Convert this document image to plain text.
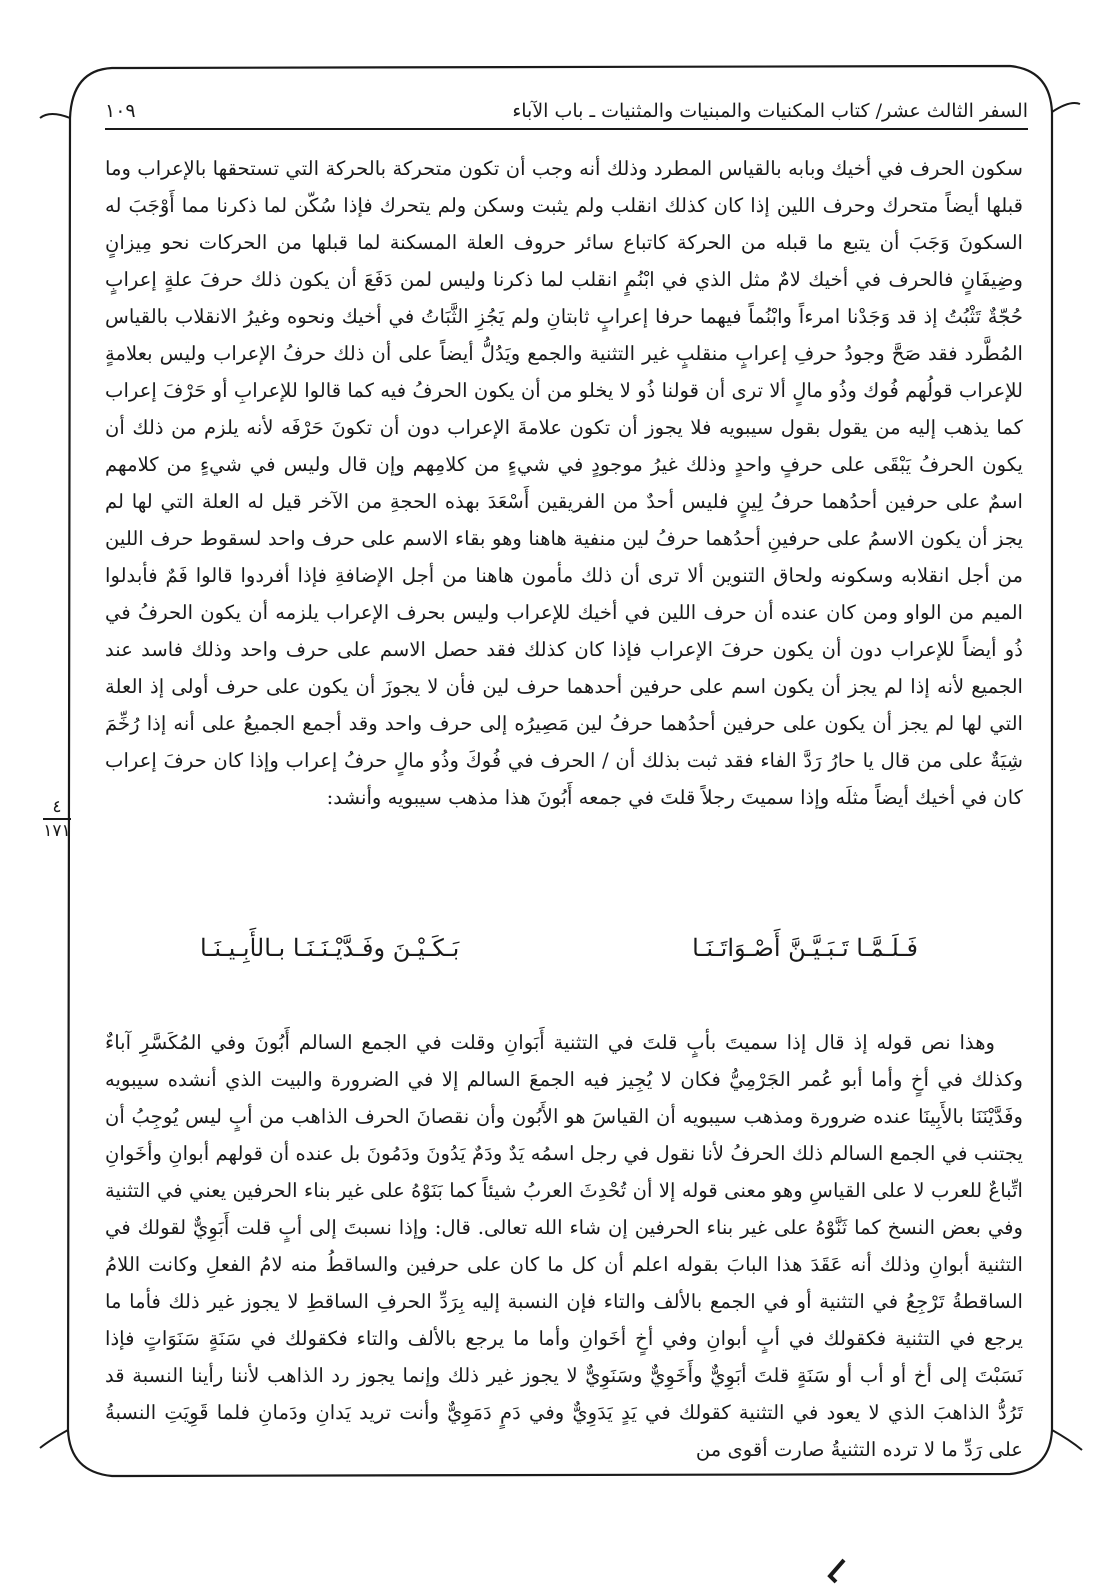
السفر الثالث عشر/ كتاب المكنيات والمبنيات والمثنيات ـ باب الآباء
١٠٩

سكون الحرف في أخيك وبابه بالقياس المطرد وذلك أنه وجب أن تكون متحركة بالحركة التي تستحقها بالإعراب وما قبلها أيضاً متحرك وحرف اللين إذا كان كذلك انقلب ولم يثبت وسكن ولم يتحرك فإذا سُكّن لما ذكرنا مما أَوْجَبَ له السكونَ وَجَبَ أن يتبع ما قبله من الحركة كاتباع سائر حروف العلة المسكنة لما قبلها من الحركات نحو مِيزانٍ وضِيفَانٍ فالحرف في أخيك لامٌ مثل الذي في ابْنُمٍ انقلب لما ذكرنا وليس لمن دَفَعَ أن يكون ذلك حرفَ علةٍ إعرابٍ حُجّةٌ تَثْبُتُ إذ قد وَجَدْنا امرءاً وابْنُماً فيهما حرفا إعرابٍ ثابتانِ ولم يَجُزِ الثَّبَاتُ في أخيك ونحوه وغيرُ الانقلاب بالقياس المُطَّرد فقد صَحَّ وجودُ حرفِ إعرابٍ منقلبٍ غير التثنية والجمع ويَدُلُّ أيضاً على أن ذلك حرفُ الإعراب وليس بعلامةٍ للإعراب قولُهم فُوك وذُو مالٍ ألا ترى أن قولنا ذُو لا يخلو من أن يكون الحرفُ فيه كما قالوا للإعرابِ أو حَرْفَ إعراب كما يذهب إليه من يقول بقول سيبويه فلا يجوز أن تكون علامةَ الإعراب دون أن تكونَ حَرْفَه لأنه يلزم من ذلك أن يكون الحرفُ يَبْقَى على حرفٍ واحدٍ وذلك غيرُ موجودٍ في شيءٍ من كلامِهم وإن قال وليس في شيءٍ من كلامهم اسمٌ على حرفين أحدُهما حرفُ لِينٍ فليس أحدٌ من الفريقين أَسْعَدَ بهذه الحجةِ من الآخر قيل له العلة التي لها لم يجز أن يكون الاسمُ على حرفينِ أحدُهما حرفُ لين منفية هاهنا وهو بقاء الاسم على حرف واحد لسقوط حرف اللين من أجل انقلابه وسكونه ولحاق التنوين ألا ترى أن ذلك مأمون هاهنا من أجل الإضافةِ فإذا أفردوا قالوا فَمٌ فأبدلوا الميم من الواو ومن كان عنده أن حرف اللين في أخيك للإعراب وليس بحرف الإعراب يلزمه أن يكون الحرفُ في ذُو أيضاً للإعراب دون أن يكون حرفَ الإعراب فإذا كان كذلك فقد حصل الاسم على حرف واحد وذلك فاسد عند الجميع لأنه إذا لم يجز أن يكون اسم على حرفين أحدهما حرف لين فأن لا يجوزَ أن يكون على حرف أولى إذ العلة التي لها لم يجز أن يكون على حرفين أحدُهما حرفُ لين مَصِيرُه إلى حرف واحد وقد أجمع الجميعُ على أنه إذا رُخِّمَ شِيَةٌ على من قال يا حارُ رَدَّ الفاء فقد ثبت بذلك أن / الحرف في فُوكَ وذُو مالٍ حرفُ إعراب وإذا كان حرفَ إعراب كان في أخيك أيضاً مثلَه وإذا سميتَ رجلاً قلتَ في جمعه أَبُونَ هذا مذهب سيبويه وأنشد:

٤
١٧١
فَـلَـمَّـا تَـبَـيَّـنَّ أَصْـوَاتَـنَـا
بَـكَـيْـنَ وفَـدَّيْـنَـنَـا بـالأَبِـيـنَـا

وهذا نص قوله إذ قال إذا سميتَ بأبٍ قلتَ في التثنية أَبَوانِ وقلت في الجمع السالم أَبُونَ وفي المُكَسَّرِ آباءٌ وكذلك في أخٍ وأما أبو عُمر الجَرْمِيُّ فكان لا يُجِيز فيه الجمعَ السالم إلا في الضرورة والبيت الذي أنشده سيبويه وفَدَّيْنَنَا بالأَبِينَا عنده ضرورة ومذهب سيبويه أن القياسَ هو الأَبُون وأن نقصانَ الحرف الذاهب من أبٍ ليس يُوجِبُ أن يجتنب في الجمع السالم ذلك الحرفُ لأنا نقول في رجل اسمُه يَدٌ ودَمٌ يَدُونَ ودَمُونَ بل عنده أن قولهم أبوانِ وأخَوانِ اتِّباعٌ للعرب لا على القياسِ وهو معنى قوله إلا أن تُحْدِثَ العربُ شيئاً كما بَنَوْهُ على غير بناء الحرفين يعني في التثنية وفي بعض النسخ كما ثَنَّوْهُ على غير بناء الحرفين إن شاء الله تعالى. قال: وإذا نسبتَ إلى أبٍ قلت أَبَوِيٌّ لقولك في التثنية أبوانِ وذلك أنه عَقَدَ هذا البابَ بقوله اعلم أن كل ما كان على حرفين والساقطُ منه لامُ الفعلِ وكانت اللامُ الساقطةُ تَرْجِعُ في التثنية أو في الجمع بالألف والتاء فإن النسبة إليه بِرَدِّ الحرفِ الساقطِ لا يجوز غير ذلك فأما ما يرجع في التثنية فكقولك في أبٍ أبوانِ وفي أخٍ أخَوانِ وأما ما يرجع بالألف والتاء فكقولك في سَنَةٍ سَنَوَاتٍ فإذا نَسَبْتَ إلى أخ أو أب أو سَنَةٍ قلتَ أبَوِيٌّ وأَخَوِيٌّ وسَنَوِيٌّ لا يجوز غير ذلك وإنما يجوز رد الذاهب لأننا رأينا النسبة قد تَرُدُّ الذاهبَ الذي لا يعود في التثنية كقولك في يَدٍ يَدَوِيٌّ وفي دَمٍ دَمَوِيٌّ وأنت تريد يَدانِ ودَمانِ فلما قَوِيَتِ النسبةُ على رَدِّ ما لا ترده التثنيةُ صارت أقوى من
